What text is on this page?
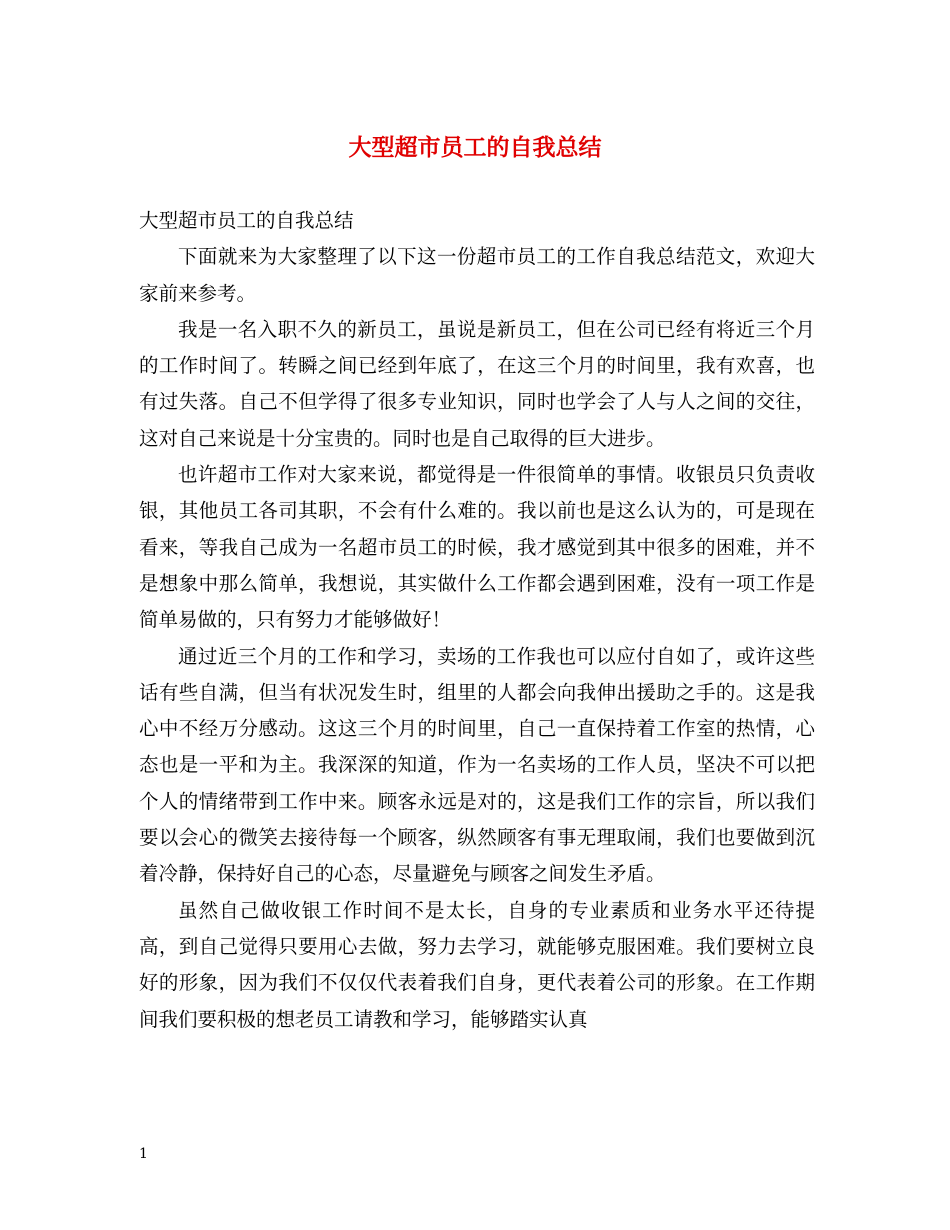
大型超市员工的自我总结

大型超市员工的自我总结

下面就来为大家整理了以下这一份超市员工的工作自我总结范文，欢迎大家前来参考。

我是一名入职不久的新员工，虽说是新员工，但在公司已经有将近三个月的工作时间了。转瞬之间已经到年底了，在这三个月的时间里，我有欢喜，也有过失落。自己不但学得了很多专业知识，同时也学会了人与人之间的交往，这对自己来说是十分宝贵的。同时也是自己取得的巨大进步。

也许超市工作对大家来说，都觉得是一件很简单的事情。收银员只负责收银，其他员工各司其职，不会有什么难的。我以前也是这么认为的，可是现在看来，等我自己成为一名超市员工的时候，我才感觉到其中很多的困难，并不是想象中那么简单，我想说，其实做什么工作都会遇到困难，没有一项工作是简单易做的，只有努力才能够做好！

通过近三个月的工作和学习，卖场的工作我也可以应付自如了，或许这些话有些自满，但当有状况发生时，组里的人都会向我伸出援助之手的。这是我心中不经万分感动。这这三个月的时间里，自己一直保持着工作室的热情，心态也是一平和为主。我深深的知道，作为一名卖场的工作人员，坚决不可以把个人的情绪带到工作中来。顾客永远是对的，这是我们工作的宗旨，所以我们要以会心的微笑去接待每一个顾客，纵然顾客有事无理取闹，我们也要做到沉着冷静，保持好自己的心态，尽量避免与顾客之间发生矛盾。

虽然自己做收银工作时间不是太长，自身的专业素质和业务水平还待提高，到自己觉得只要用心去做，努力去学习，就能够克服困难。我们要树立良好的形象，因为我们不仅仅代表着我们自身，更代表着公司的形象。在工作期间我们要积极的想老员工请教和学习，能够踏实认真

1
